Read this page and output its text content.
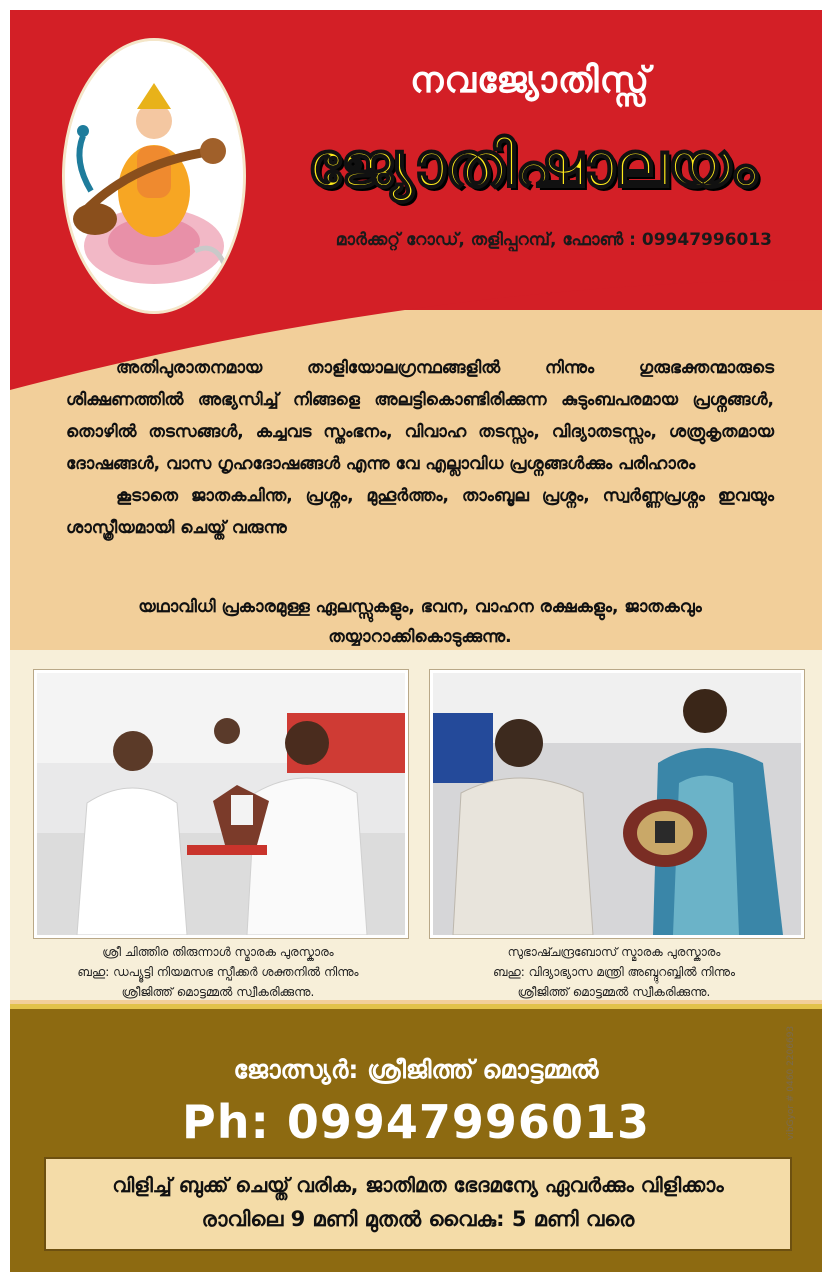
നവജ്യോതിസ്സ്
ജ്യോതിഷാലയം
മാർക്കറ്റ് റോഡ്, തളിപ്പറമ്പ്, ഫോൺ : 09947996013

അതിപുരാതനമായ താളിയോലഗ്രന്ഥങ്ങളിൽ നിന്നും ഗുരുഭക്തന്മാരുടെ ശിക്ഷണത്തിൽ അഭ്യസിച്ച് നിങ്ങളെ അലട്ടികൊണ്ടിരിക്കുന്ന കുടുംബപരമായ പ്രശ്നങ്ങൾ, തൊഴിൽ തടസങ്ങൾ, കച്ചവട സ്തംഭനം, വിവാഹ തടസ്സം, വിദ്യാതടസ്സം, ശത്രുകൃതമായ ദോഷങ്ങൾ, വാസ ഗൃഹദോഷങ്ങൾ എന്നു വേ എല്ലാവിധ പ്രശ്നങ്ങൾക്കും പരിഹാരം

കൂടാതെ ജാതകചിന്ത, പ്രശ്നം, മുഹൂർത്തം, താംബൂല പ്രശ്നം, സ്വർണ്ണപ്രശ്നം ഇവയും ശാസ്ത്രീയമായി ചെയ്ത് വരുന്നു

യഥാവിധി പ്രകാരമുള്ള ഏലസ്സുകളും, ഭവന, വാഹന രക്ഷകളും, ജാതകവും തയ്യാറാക്കികൊടുക്കുന്നു.
ശ്രീ ചിത്തിര തിരുന്നാൾ സ്മാരക പുരസ്കാരം
ബഹു: ഡപ്യൂട്ടി നിയമസഭ സ്പീക്കർ ശക്തനിൽ നിന്നും
ശ്രീജിത്ത് മൊട്ടമ്മൽ സ്വീകരിക്കുന്നു.
സുഭാഷ്ചന്ദ്രബോസ് സ്മാരക പുരസ്കാരം
ബഹു: വിദ്യാഭ്യാസ മന്ത്രി അബ്ദുറബ്ബിൽ നിന്നും
ശ്രീജിത്ത് മൊട്ടമ്മൽ സ്വീകരിക്കുന്നു.
ജോത്സ്യർ: ശ്രീജിത്ത് മൊട്ടമ്മൽ
Ph: 09947996013
വിളിച്ച് ബുക്ക് ചെയ്ത് വരിക, ജാതിമത ഭേദമന്യേ ഏവർക്കും വിളിക്കാം
രാവിലെ 9 മണി മുതൽ വൈകു: 5 മണി വരെ
vibGyor # 0460 2206693
